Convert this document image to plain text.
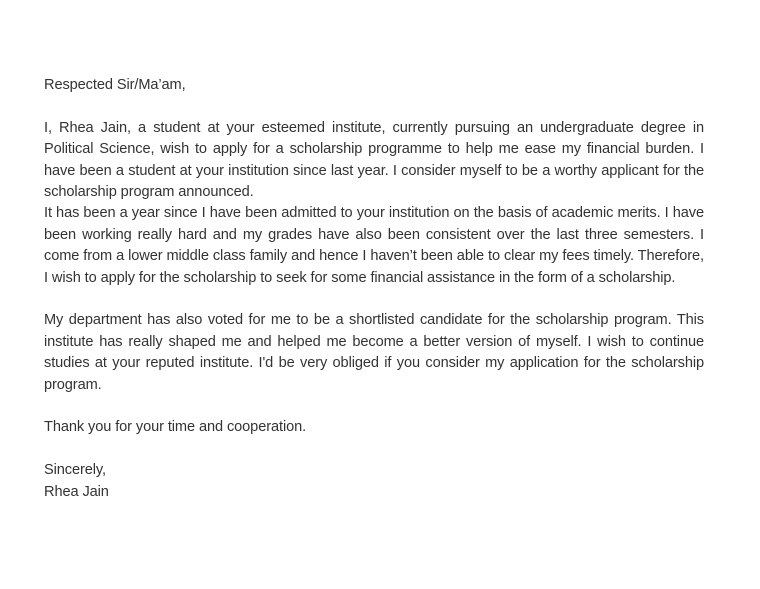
Respected Sir/Ma’am,

I, Rhea Jain, a student at your esteemed institute, currently pursuing an undergraduate degree in Political Science, wish to apply for a scholarship programme to help me ease my financial burden. I have been a student at your institution since last year. I consider myself to be a worthy applicant for the scholarship program announced.

It has been a year since I have been admitted to your institution on the basis of academic merits. I have been working really hard and my grades have also been consistent over the last three semesters. I come from a lower middle class family and hence I haven’t been able to clear my fees timely. Therefore, I wish to apply for the scholarship to seek for some financial assistance in the form of a scholarship.

My department has also voted for me to be a shortlisted candidate for the scholarship program. This institute has really shaped me and helped me become a better version of myself. I wish to continue studies at your reputed institute. I'd be very obliged if you consider my application for the scholarship program.

Thank you for your time and cooperation.

Sincerely,

Rhea Jain
